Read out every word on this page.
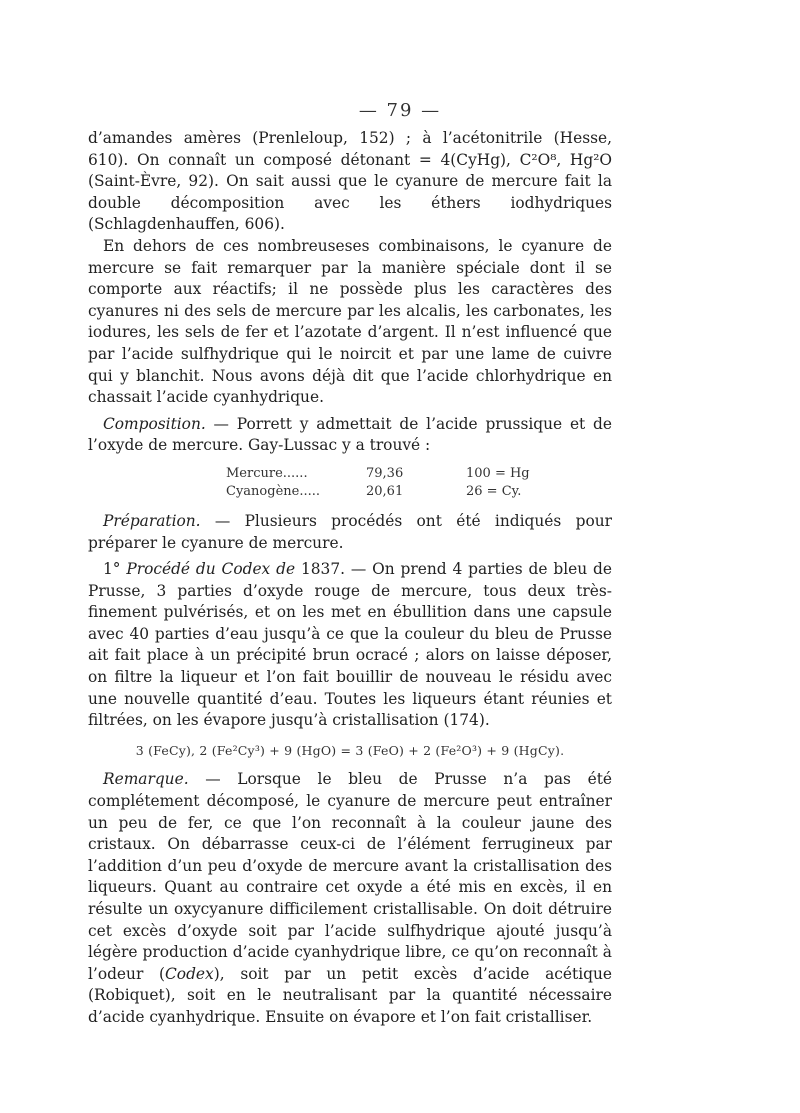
— 79 —

d’amandes amères (Prenleloup, 152) ; à l’acétonitrile (Hesse, 610). On connaît un composé détonant = 4(CyHg), C²O⁸, Hg²O (Saint-Èvre, 92). On sait aussi que le cyanure de mercure fait la double décomposition avec les éthers iodhydriques (Schlagdenhauffen, 606).

En dehors de ces nombreuseses combinaisons, le cyanure de mercure se fait remarquer par la manière spéciale dont il se comporte aux réactifs; il ne possède plus les caractères des cyanures ni des sels de mercure par les alcalis, les carbonates, les iodures, les sels de fer et l’azotate d’argent. Il n’est influencé que par l’acide sulfhydrique qui le noircit et par une lame de cuivre qui y blanchit. Nous avons déjà dit que l’acide chlorhydrique en chassait l’acide cyanhydrique.

Composition. — Porrett y admettait de l’acide prussique et de l’oxyde de mercure. Gay-Lussac y a trouvé :

Mercure......	79,36	100 = Hg
Cyanogène.....	20,61	26 = Cy.

Préparation. — Plusieurs procédés ont été indiqués pour préparer le cyanure de mercure.

1° Procédé du Codex de 1837. — On prend 4 parties de bleu de Prusse, 3 parties d’oxyde rouge de mercure, tous deux très-finement pulvérisés, et on les met en ébullition dans une capsule avec 40 parties d’eau jusqu’à ce que la couleur du bleu de Prusse ait fait place à un précipité brun ocracé ; alors on laisse déposer, on filtre la liqueur et l’on fait bouillir de nouveau le résidu avec une nouvelle quantité d’eau. Toutes les liqueurs étant réunies et filtrées, on les évapore jusqu’à cristallisation (174).

3 (FeCy), 2 (Fe²Cy³) + 9 (HgO) = 3 (FeO) + 2 (Fe²O³) + 9 (HgCy).

Remarque. — Lorsque le bleu de Prusse n’a pas été complétement décomposé, le cyanure de mercure peut entraîner un peu de fer, ce que l’on reconnaît à la couleur jaune des cristaux. On débarrasse ceux-ci de l’élément ferrugineux par l’addition d’un peu d’oxyde de mercure avant la cristallisation des liqueurs. Quant au contraire cet oxyde a été mis en excès, il en résulte un oxycyanure difficilement cristallisable. On doit détruire cet excès d’oxyde soit par l’acide sulfhydrique ajouté jusqu’à légère production d’acide cyanhydrique libre, ce qu’on reconnaît à l’odeur (Codex), soit par un petit excès d’acide acétique (Robiquet), soit en le neutralisant par la quantité nécessaire d’acide cyanhydrique. Ensuite on évapore et l’on fait cristalliser.
